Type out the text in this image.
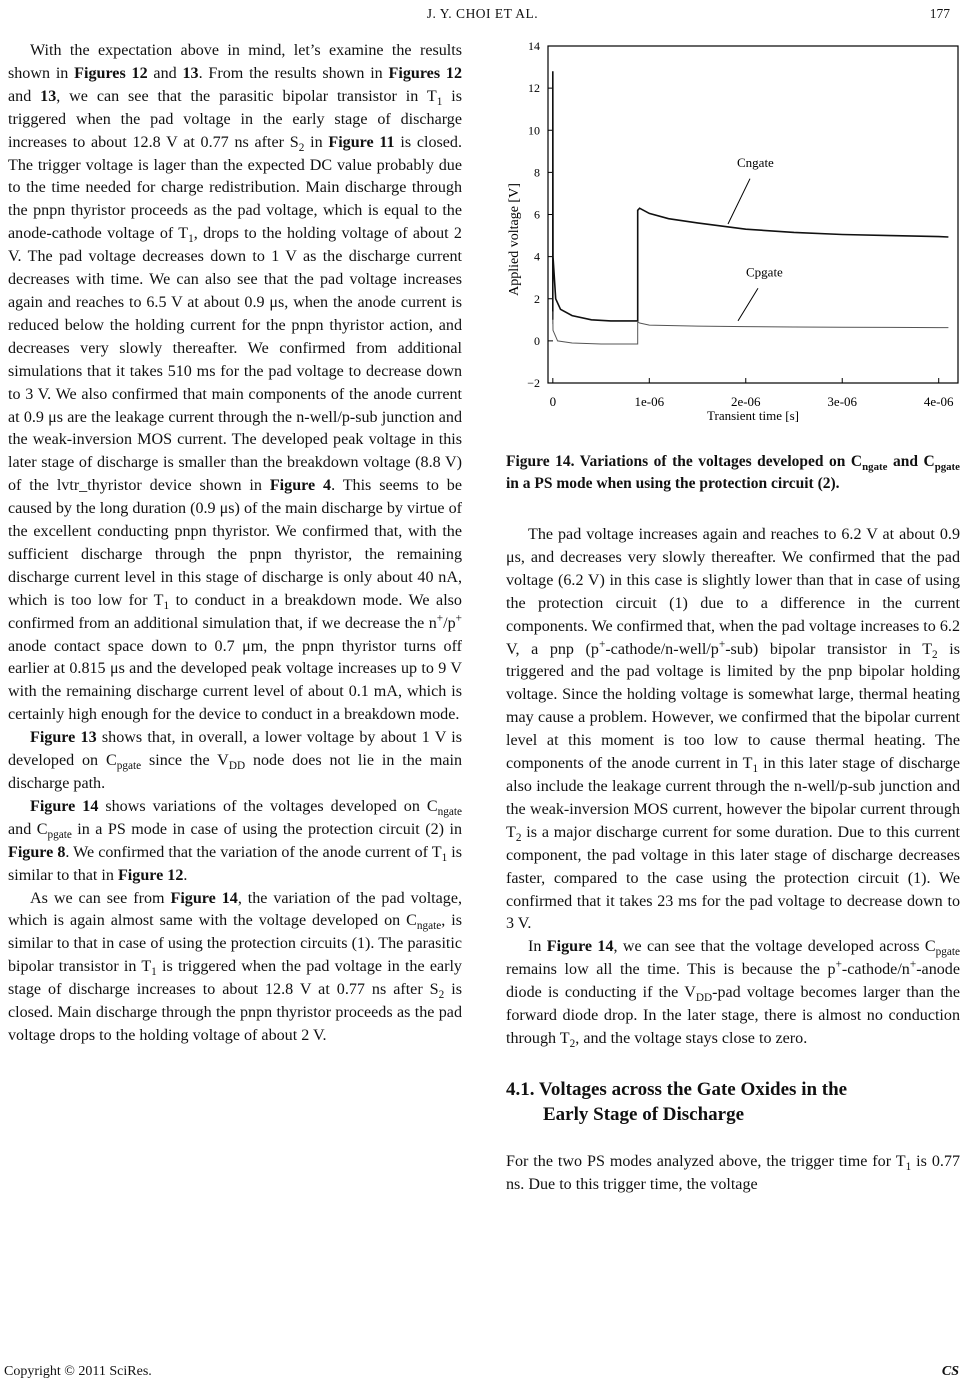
J. Y. CHOI ET AL.	177

With the expectation above in mind, let’s examine the results shown in Figures 12 and 13. From the results shown in Figures 12 and 13, we can see that the parasitic bipolar transistor in $T_1$ is triggered when the pad voltage in the early stage of discharge increases to about 12.8 V at 0.77 ns after $S_2$ in Figure 11 is closed. The trigger voltage is lager than the expected DC value probably due to the time needed for charge redistribution. Main discharge through the pnpn thyristor proceeds as the pad voltage, which is equal to the anode-cathode voltage of $T_1$, drops to the holding voltage of about 2 V. The pad voltage decreases down to 1 V as the discharge current decreases with time. We can also see that the pad voltage increases again and reaches to 6.5 V at about 0.9 μs, when the anode current is reduced below the holding current for the pnpn thyristor action, and decreases very slowly thereafter. We confirmed from additional simulations that it takes 510 ms for the pad voltage to decrease down to 3 V. We also confirmed that main components of the anode current at 0.9 μs are the leakage current through the n-well/p-sub junction and the weak-inversion MOS current. The developed peak voltage in this later stage of discharge is smaller than the breakdown voltage (8.8 V) of the lvtr_thyristor device shown in Figure 4. This seems to be caused by the long duration (0.9 μs) of the main discharge by virtue of the excellent conducting pnpn thyristor. We confirmed that, with the sufficient discharge through the pnpn thyristor, the remaining discharge current level in this stage of discharge is only about 40 nA, which is too low for $T_1$ to conduct in a breakdown mode. We also confirmed from an additional simulation that, if we decrease the n+/p+ anode contact space down to 0.7 μm, the pnpn thyristor turns off earlier at 0.815 μs and the developed peak voltage increases up to 9 V with the remaining discharge current level of about 0.1 mA, which is certainly high enough for the device to conduct in a breakdown mode.

Figure 13 shows that, in overall, a lower voltage by about 1 V is developed on $C_{pgate}$ since the $V_{DD}$ node does not lie in the main discharge path.

Figure 14 shows variations of the voltages developed on $C_{ngate}$ and $C_{pgate}$ in a PS mode in case of using the protection circuit (2) in Figure 8. We confirmed that the variation of the anode current of $T_1$ is similar to that in Figure 12.

As we can see from Figure 14, the variation of the pad voltage, which is again almost same with the voltage developed on $C_{ngate}$, is similar to that in case of using the protection circuits (1). The parasitic bipolar transistor in $T_1$ is triggered when the pad voltage in the early stage of discharge increases to about 12.8 V at 0.77 ns after $S_2$ is closed. Main discharge through the pnpn thyristor proceeds as the pad voltage drops to the holding voltage of about 2 V.

−2
0
2
4
6
8
10
12
14
0	1e-06	2e-06	3e-06	4e-06
Transient time [s]
Applied voltage [V]
Cngate
Cpgate

Figure 14. Variations of the voltages developed on $C_{ngate}$ and $C_{pgate}$ in a PS mode when using the protection circuit (2).

The pad voltage increases again and reaches to 6.2 V at about 0.9 μs, and decreases very slowly thereafter. We confirmed that the pad voltage (6.2 V) in this case is slightly lower than that in case of using the protection circuit (1) due to a difference in the current components. We confirmed that, when the pad voltage increases to 6.2 V, a pnp (p+-cathode/n-well/p+-sub) bipolar transistor in $T_2$ is triggered and the pad voltage is limited by the pnp bipolar holding voltage. Since the holding voltage is somewhat large, thermal heating may cause a problem. However, we confirmed that the bipolar current level at this moment is too low to cause thermal heating. The components of the anode current in $T_1$ in this later stage of discharge also include the leakage current through the n-well/p-sub junction and the weak-inversion MOS current, however the bipolar current through $T_2$ is a major discharge current for some duration. Due to this current component, the pad voltage in this later stage of discharge decreases faster, compared to the case using the protection circuit (1). We confirmed that it takes 23 ms for the pad voltage to decrease down to 3 V.

In Figure 14, we can see that the voltage developed across $C_{pgate}$ remains low all the time. This is because the p+-cathode/n+-anode diode is conducting if the $V_{DD}$-pad voltage becomes larger than the forward diode drop. In the later stage, there is almost no conduction through $T_2$, and the voltage stays close to zero.

4.1. Voltages across the Gate Oxides in the
Early Stage of Discharge

For the two PS modes analyzed above, the trigger time for $T_1$ is 0.77 ns. Due to this trigger time, the voltage

Copyright © 2011 SciRes.	CS
